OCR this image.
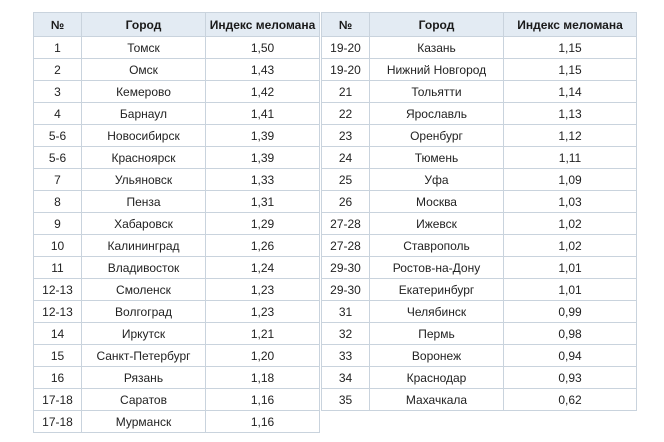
№	Город	Индекс меломана
1	Томск	1,50
2	Омск	1,43
3	Кемерово	1,42
4	Барнаул	1,41
5-6	Новосибирск	1,39
5-6	Красноярск	1,39
7	Ульяновск	1,33
8	Пенза	1,31
9	Хабаровск	1,29
10	Калининград	1,26
11	Владивосток	1,24
12-13	Смоленск	1,23
12-13	Волгоград	1,23
14	Иркутск	1,21
15	Санкт-Петербург	1,20
16	Рязань	1,18
17-18	Саратов	1,16
17-18	Мурманск	1,16
№	Город	Индекс меломана
19-20	Казань	1,15
19-20	Нижний Новгород	1,15
21	Тольятти	1,14
22	Ярославль	1,13
23	Оренбург	1,12
24	Тюмень	1,11
25	Уфа	1,09
26	Москва	1,03
27-28	Ижевск	1,02
27-28	Ставрополь	1,02
29-30	Ростов-на-Дону	1,01
29-30	Екатеринбург	1,01
31	Челябинск	0,99
32	Пермь	0,98
33	Воронеж	0,94
34	Краснодар	0,93
35	Махачкала	0,62
